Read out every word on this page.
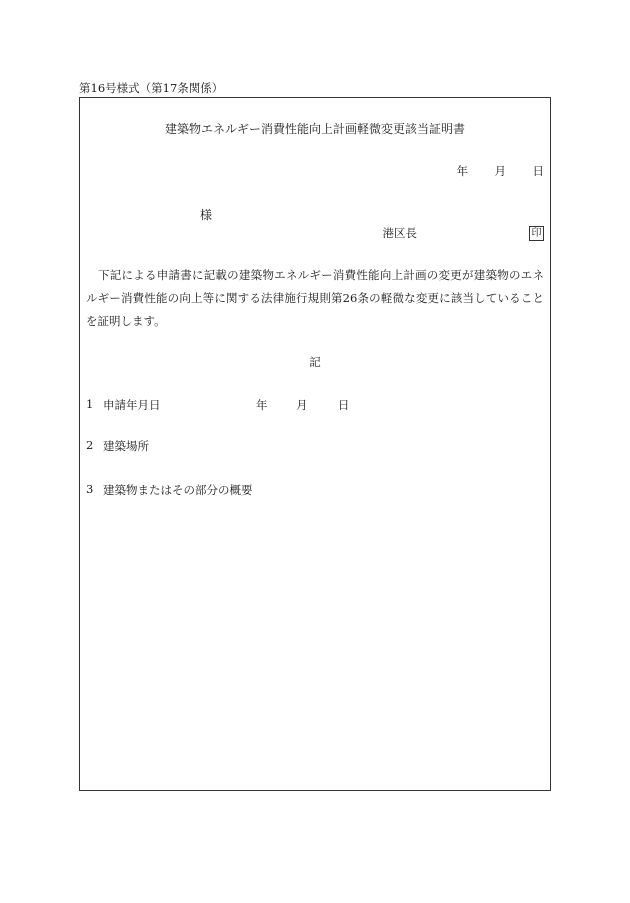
第16号様式（第17条関係）
建築物エネルギー消費性能向上計画軽微変更該当証明書
年	月	日
様
港区長	印
下記による申請書に記載の建築物エネルギー消費性能向上計画の変更が建築物のエネルギー消費性能の向上等に関する法律施行規則第26条の軽微な変更に該当していることを証明します。
記
1 申請年月日	年 月	日
2 建築場所
3 建築物またはその部分の概要
